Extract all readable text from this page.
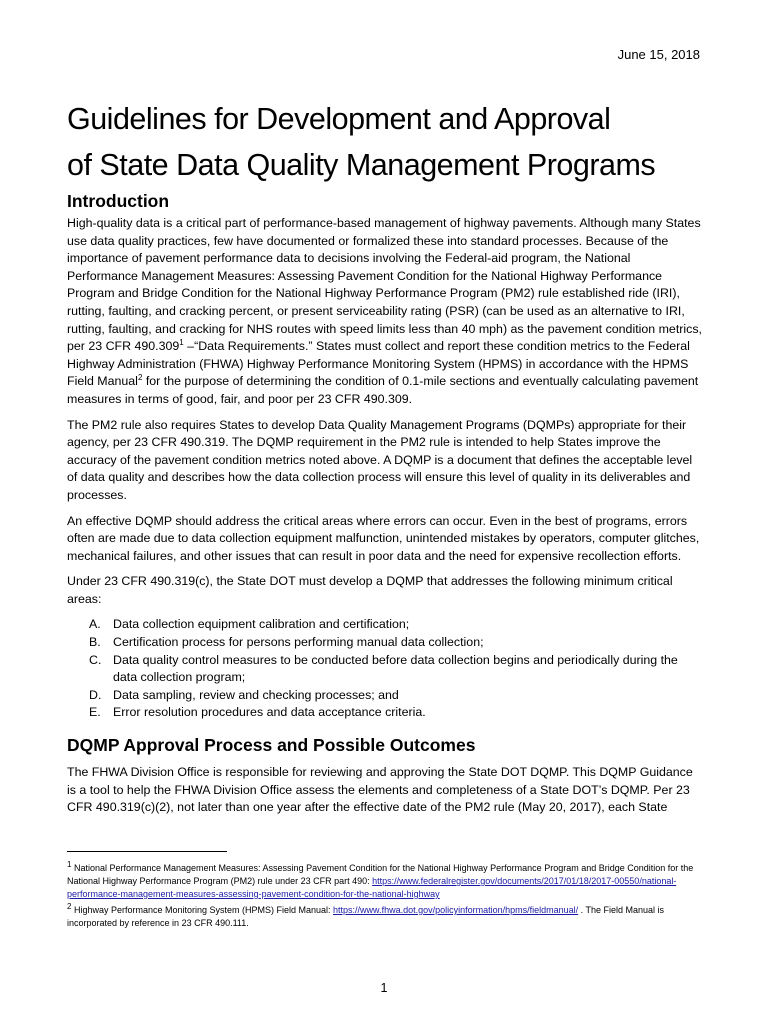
June 15, 2018
Guidelines for Development and Approval
of State Data Quality Management Programs
Introduction

High-quality data is a critical part of performance-based management of highway pavements. Although many States use data quality practices, few have documented or formalized these into standard processes. Because of the importance of pavement performance data to decisions involving the Federal-aid program, the National Performance Management Measures: Assessing Pavement Condition for the National Highway Performance Program and Bridge Condition for the National Highway Performance Program (PM2) rule established ride (IRI), rutting, faulting, and cracking percent, or present serviceability rating (PSR) (can be used as an alternative to IRI, rutting, faulting, and cracking for NHS routes with speed limits less than 40 mph) as the pavement condition metrics, per 23 CFR 490.309$^1$ –“Data Requirements.” States must collect and report these condition metrics to the Federal Highway Administration (FHWA) Highway Performance Monitoring System (HPMS) in accordance with the HPMS Field Manual$^2$ for the purpose of determining the condition of 0.1-mile sections and eventually calculating pavement measures in terms of good, fair, and poor per 23 CFR 490.309.

The PM2 rule also requires States to develop Data Quality Management Programs (DQMPs) appropriate for their agency, per 23 CFR 490.319. The DQMP requirement in the PM2 rule is intended to help States improve the accuracy of the pavement condition metrics noted above. A DQMP is a document that defines the acceptable level of data quality and describes how the data collection process will ensure this level of quality in its deliverables and processes.

An effective DQMP should address the critical areas where errors can occur. Even in the best of programs, errors often are made due to data collection equipment malfunction, unintended mistakes by operators, computer glitches, mechanical failures, and other issues that can result in poor data and the need for expensive recollection efforts.

Under 23 CFR 490.319(c), the State DOT must develop a DQMP that addresses the following minimum critical areas:

A. Data collection equipment calibration and certification;
B. Certification process for persons performing manual data collection;
C. Data quality control measures to be conducted before data collection begins and periodically during the data collection program;
D. Data sampling, review and checking processes; and
E. Error resolution procedures and data acceptance criteria.
DQMP Approval Process and Possible Outcomes

The FHWA Division Office is responsible for reviewing and approving the State DOT DQMP. This DQMP Guidance is a tool to help the FHWA Division Office assess the elements and completeness of a State DOT’s DQMP. Per 23 CFR 490.319(c)(2), not later than one year after the effective date of the PM2 rule (May 20, 2017), each State

$^1$ National Performance Management Measures: Assessing Pavement Condition for the National Highway Performance Program and Bridge Condition for the National Highway Performance Program (PM2) rule under 23 CFR part 490: https://www.federalregister.gov/documents/2017/01/18/2017-00550/national-performance-management-measures-assessing-pavement-condition-for-the-national-highway
$^2$ Highway Performance Monitoring System (HPMS) Field Manual: https://www.fhwa.dot.gov/policyinformation/hpms/fieldmanual/ . The Field Manual is incorporated by reference in 23 CFR 490.111.
1
